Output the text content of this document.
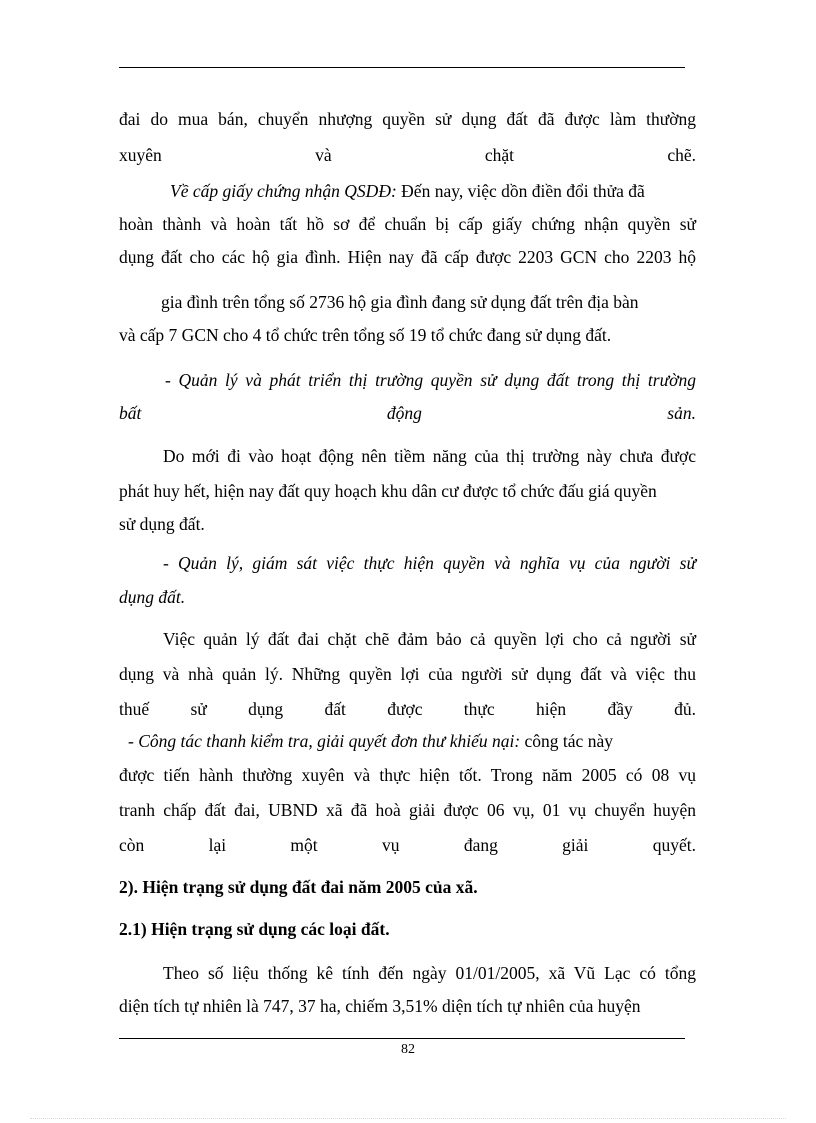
đai do mua bán, chuyển nhượng quyền sử dụng đất đã được làm thường
xuyên và chặt chẽ.
Về cấp giấy chứng nhận QSDĐ: Đến nay, việc dồn điền đổi thửa đã
hoàn thành và hoàn tất hồ sơ để chuẩn bị cấp giấy chứng nhận quyền sử
dụng đất cho các hộ gia đình. Hiện nay đã cấp được 2203 GCN cho 2203 hộ
gia đình trên tổng số 2736 hộ gia đình đang sử dụng đất trên địa bàn
và cấp 7 GCN cho 4 tổ chức trên tổng số 19 tổ chức đang sử dụng đất.
- Quản lý và phát triển thị trường quyền sử dụng đất trong thị trường
bất động sản.
Do mới đi vào hoạt động nên tiềm năng của thị trường này chưa được
phát huy hết, hiện nay đất quy hoạch khu dân cư được tổ chức đấu giá quyền
sử dụng đất.
- Quản lý, giám sát việc thực hiện quyền và nghĩa vụ của người sử
dụng đất.
Việc quản lý đất đai chặt chẽ đảm bảo cả quyền lợi cho cả người sử
dụng và nhà quản lý. Những quyền lợi của người sử dụng đất và việc thu
thuế sử dụng đất được thực hiện đầy đủ.
- Công tác thanh kiểm tra, giải quyết đơn thư khiếu nại: công tác này
được tiến hành thường xuyên và thực hiện tốt. Trong năm 2005 có 08 vụ
tranh chấp đất đai, UBND xã đã hoà giải được 06 vụ, 01 vụ chuyển huyện
còn lại một vụ đang giải quyết.
2). Hiện trạng sử dụng đất đai năm 2005 của xã.
2.1) Hiện trạng sử dụng các loại đất.
Theo số liệu thống kê tính đến ngày 01/01/2005, xã Vũ Lạc có tổng
diện tích tự nhiên là 747, 37 ha, chiếm 3,51% diện tích tự nhiên của huyện
82
